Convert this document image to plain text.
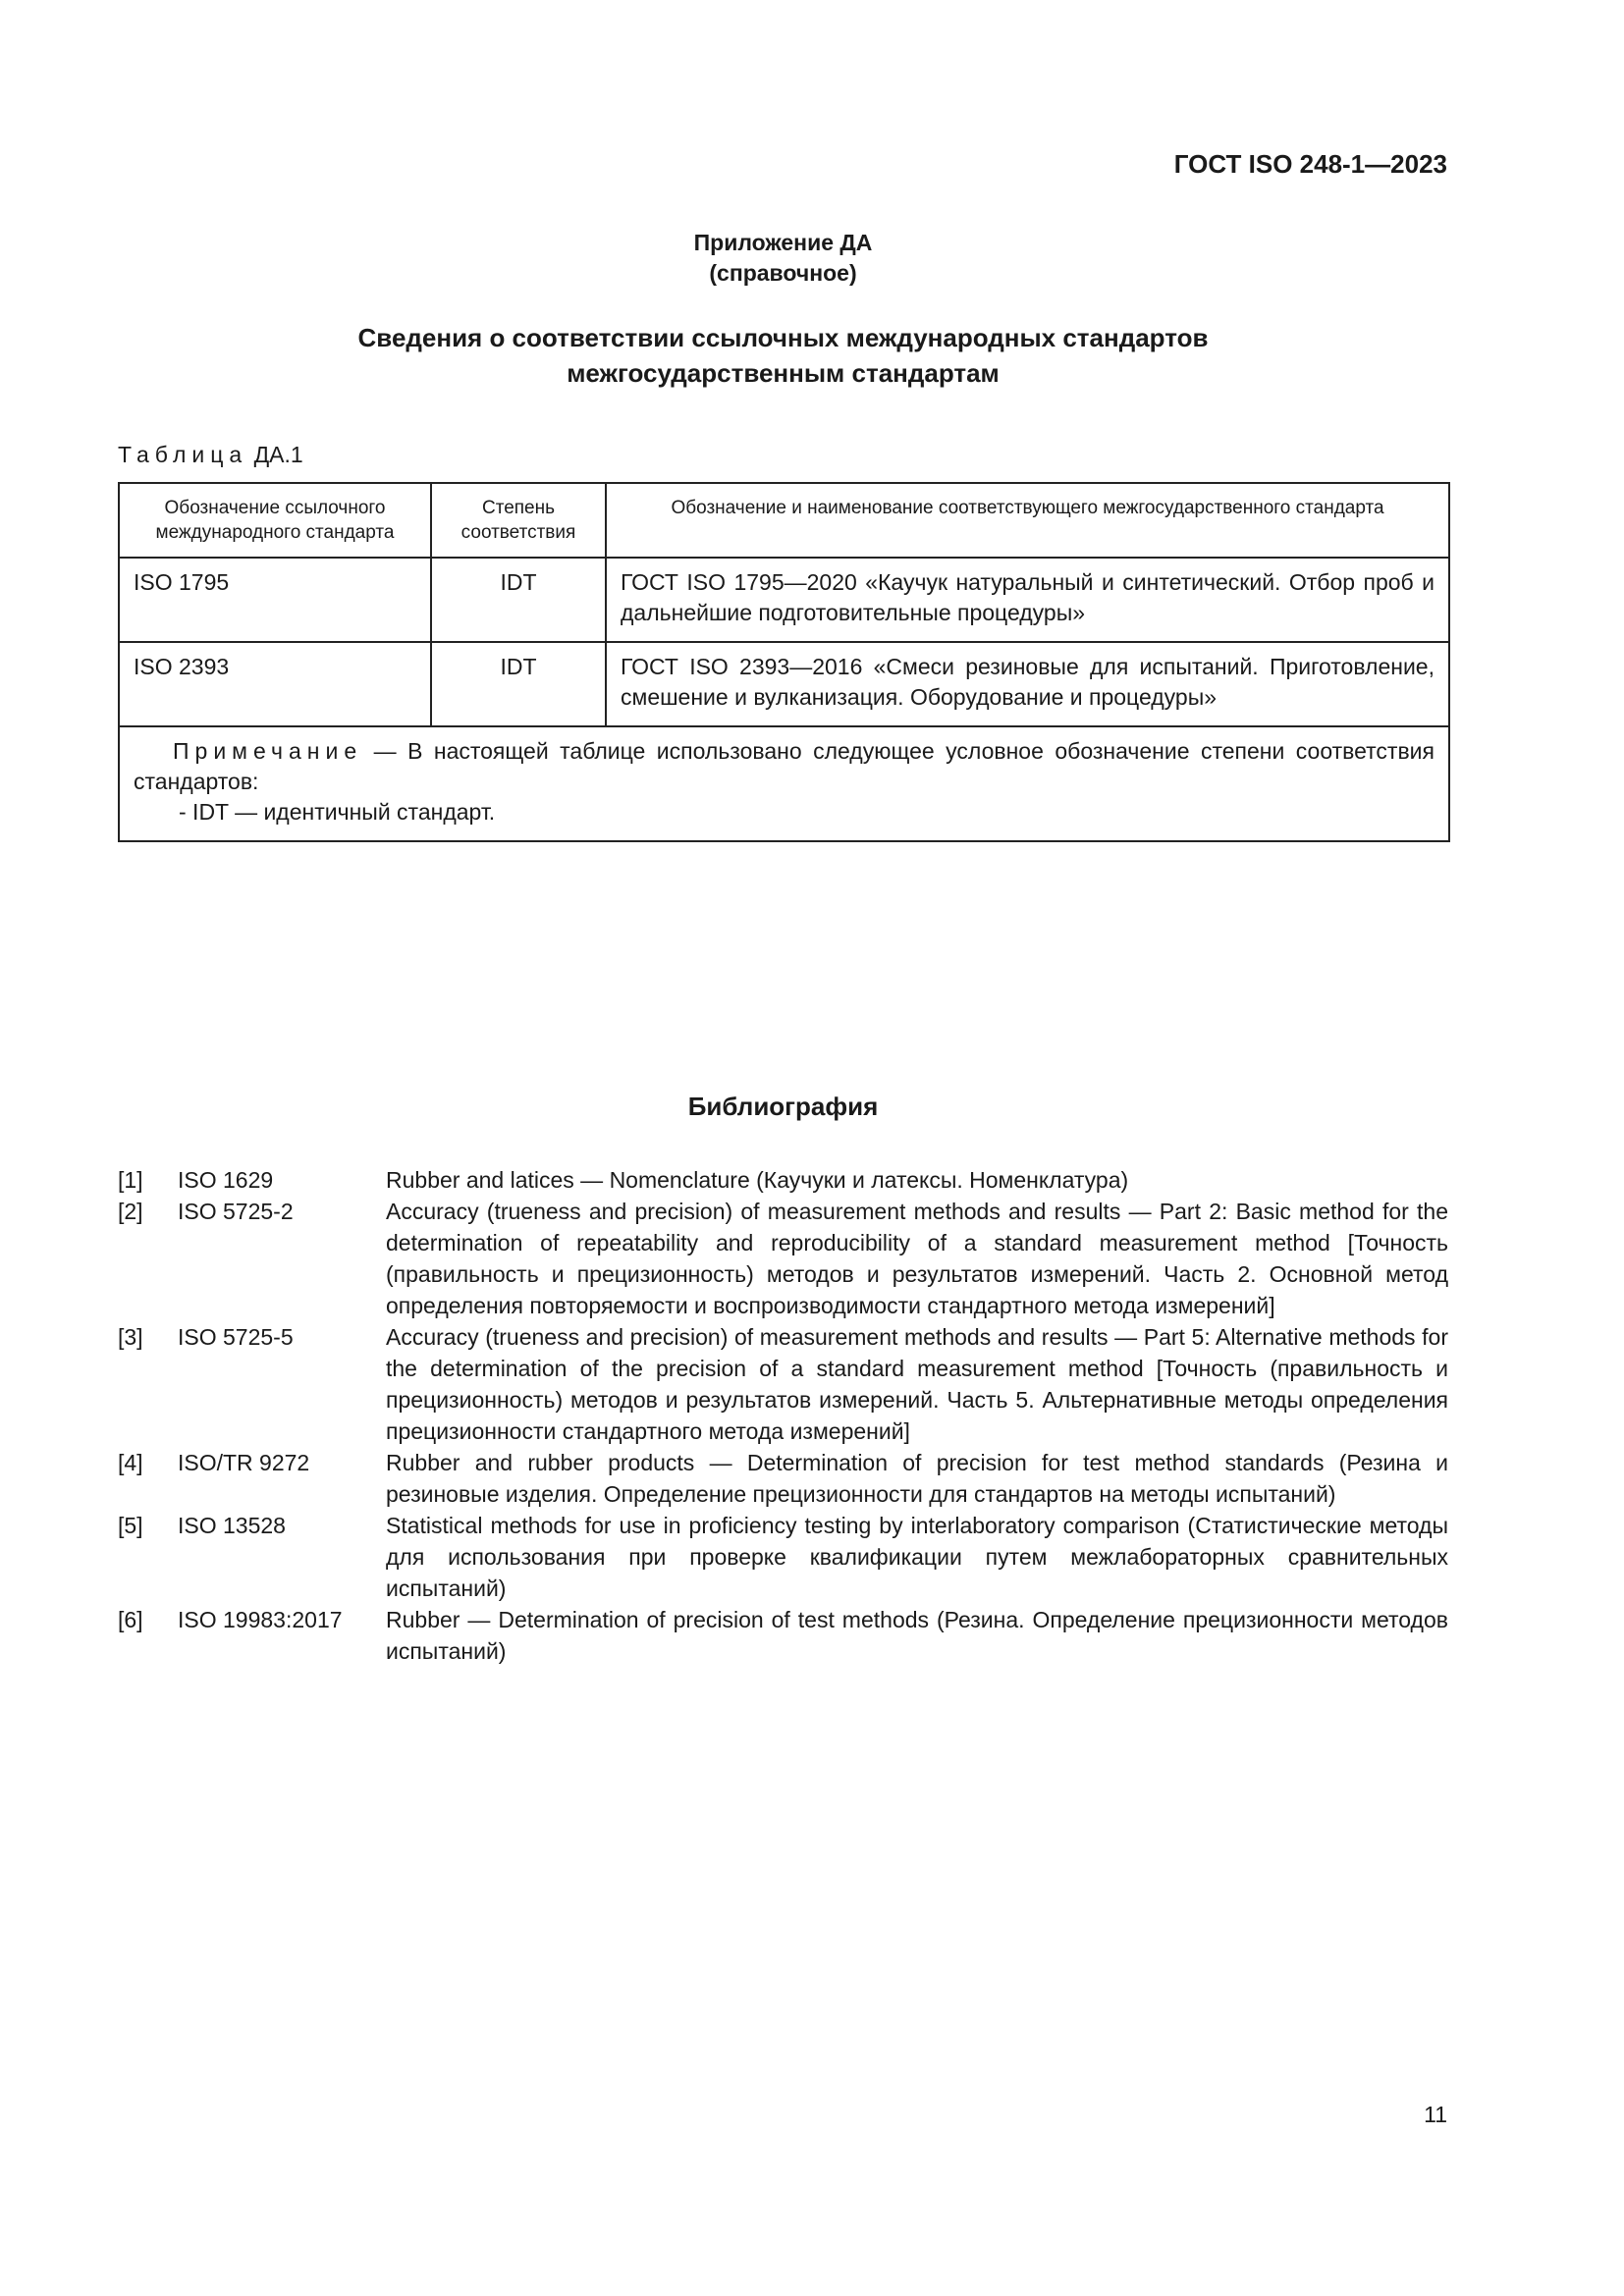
ГОСТ ISO 248-1—2023
Приложение ДА
(справочное)
Сведения о соответствии ссылочных международных стандартов
межгосударственным стандартам
Таблица ДА.1
Обозначение ссылочного международного стандарта	Степень соответствия	Обозначение и наименование соответствующего межгосударственного стандарта
ISO 1795	IDT	ГОСТ ISO 1795—2020 «Каучук натуральный и синтетический. Отбор проб и дальнейшие подготовительные процедуры»
ISO 2393	IDT	ГОСТ ISO 2393—2016 «Смеси резиновые для испытаний. Приготовление, смешение и вулканизация. Оборудование и процедуры»

Примечание — В настоящей таблице использовано следующее условное обозначение степени соответствия стандартов:
- IDT — идентичный стандарт.		
Библиография
[1]	ISO 1629	Rubber and latices — Nomenclature (Каучуки и латексы. Номенклатура)
[2]	ISO 5725-2	Accuracy (trueness and precision) of measurement methods and results — Part 2: Basic method for the determination of repeatability and reproducibility of a standard measurement method [Точность (правильность и прецизионность) методов и результатов измерений. Часть 2. Основной метод определения повторяемости и воспроизводимости стандартного метода измерений]
[3]	ISO 5725-5	Accuracy (trueness and precision) of measurement methods and results — Part 5: Alternative methods for the determination of the precision of a standard measurement method [Точность (правильность и прецизионность) методов и результатов измерений. Часть 5. Альтернативные методы определения прецизионности стандартного метода измерений]
[4]	ISO/TR 9272	Rubber and rubber products — Determination of precision for test method standards (Резина и резиновые изделия. Определение прецизионности для стандартов на методы испытаний)
[5]	ISO 13528	Statistical methods for use in proficiency testing by interlaboratory comparison (Статистические методы для использования при проверке квалификации путем межлабораторных сравнительных испытаний)
[6]	ISO 19983:2017	Rubber — Determination of precision of test methods (Резина. Определение прецизионности методов испытаний)
11
